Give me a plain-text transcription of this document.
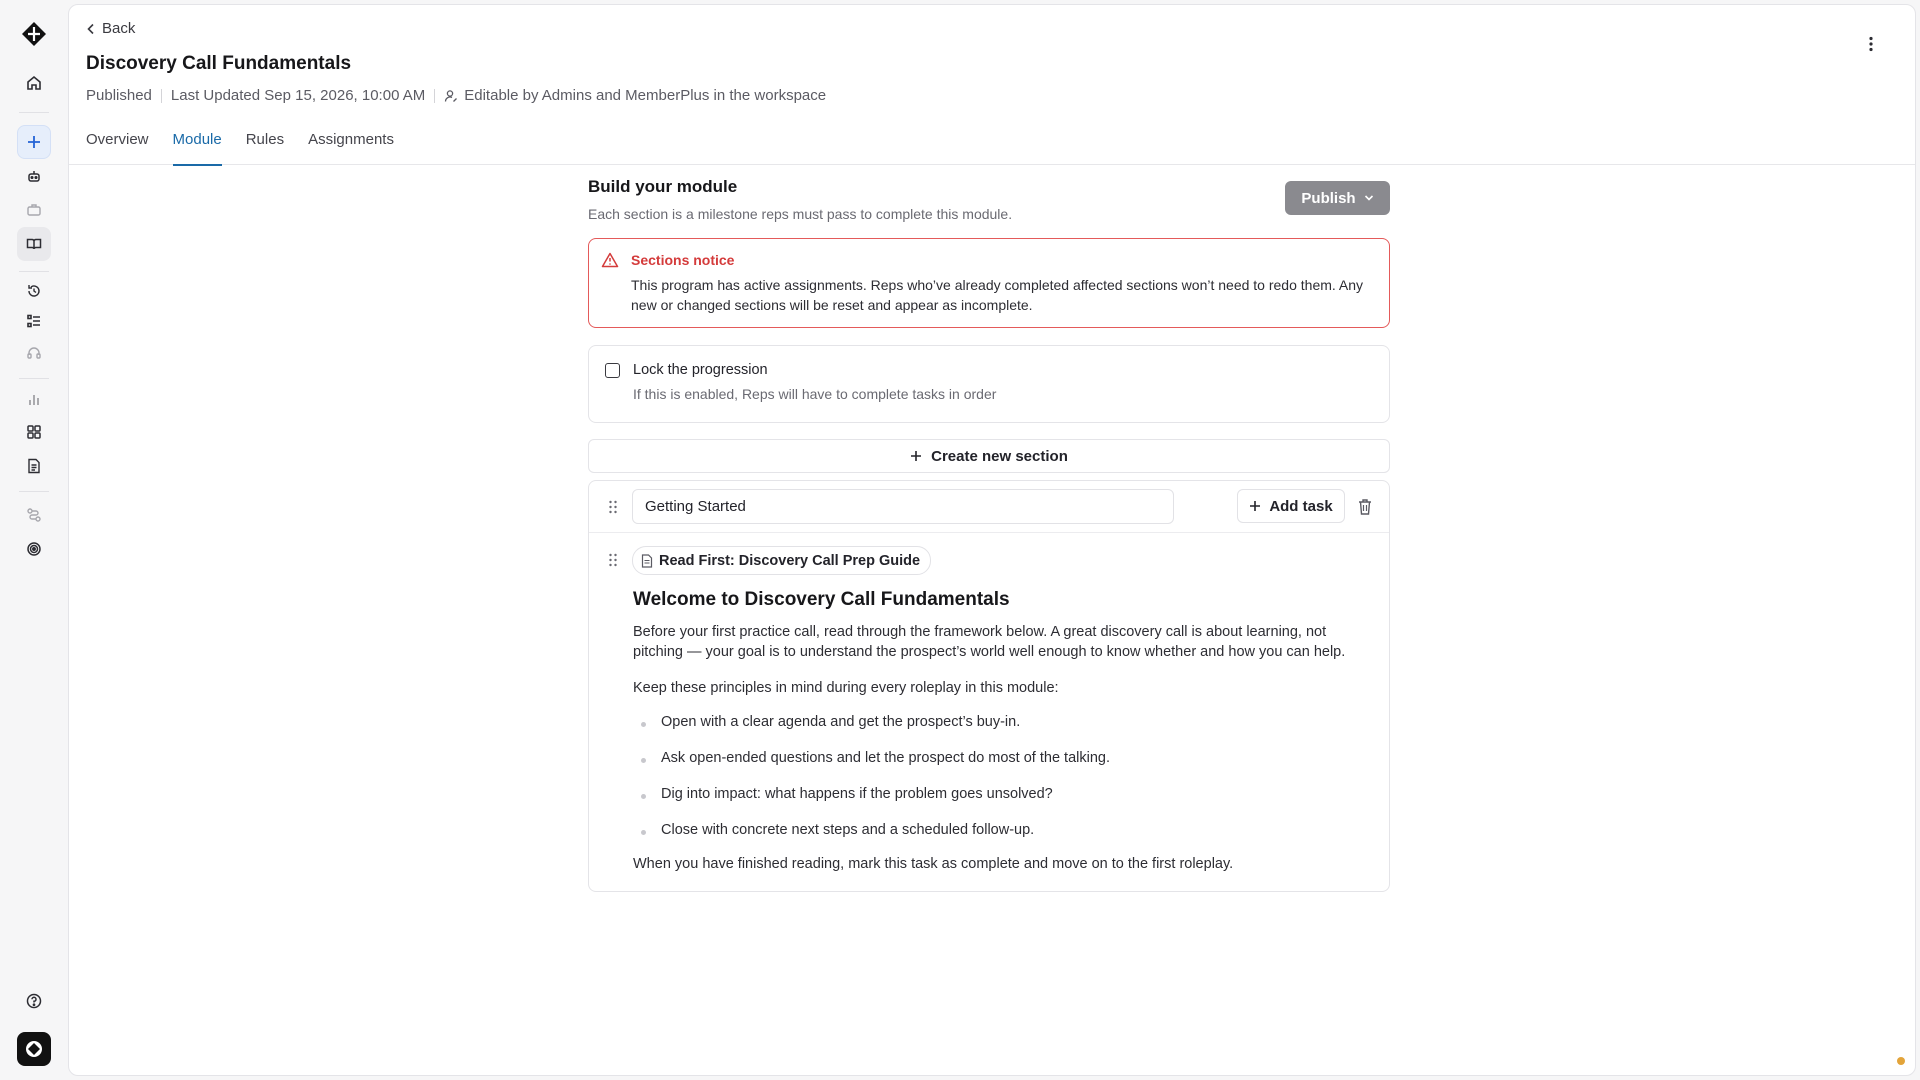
Back
Discovery Call Fundamentals
Published Last Updated Sep 15, 2026, 10:00 AM	Editable by Admins and MemberPlus in the workspace
Overview Module Rules Assignments
Build your module

Each section is a milestone reps must pass to complete this module.

Publish
Sections notice
This program has active assignments. Reps who’ve already completed affected sections won’t need to redo them. Any new or changed sections will be reset and appear as incomplete.
Lock the progression
If this is enabled, Reps will have to complete tasks in order
Create new section
Getting Started
Add task
Read First: Discovery Call Prep Guide
Welcome to Discovery Call Fundamentals

Before your first practice call, read through the framework below. A great discovery call is about learning, not pitching — your goal is to understand the prospect’s world well enough to know whether and how you can help.

Keep these principles in mind during every roleplay in this module:

Open with a clear agenda and get the prospect’s buy-in.
Ask open-ended questions and let the prospect do most of the talking.
Dig into impact: what happens if the problem goes unsolved?
Close with concrete next steps and a scheduled follow-up.

When you have finished reading, mark this task as complete and move on to the first roleplay.
